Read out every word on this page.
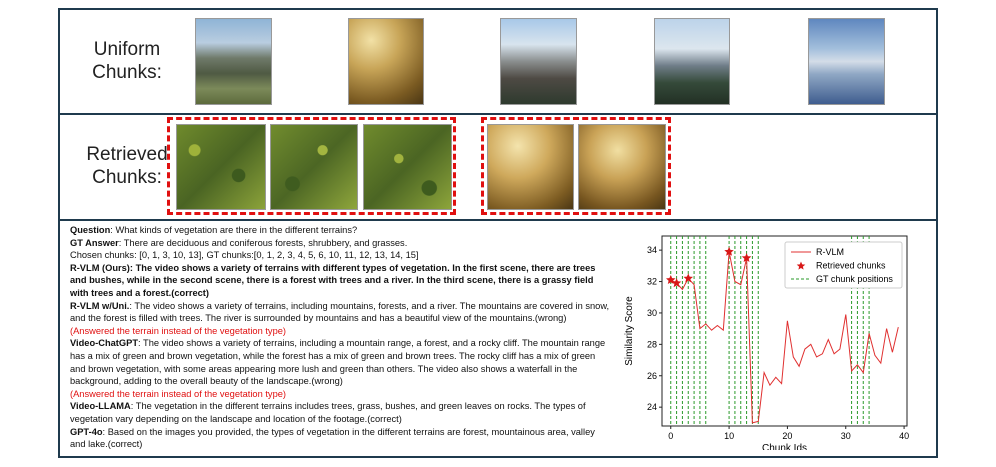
Uniform
Chunks:
Retrieved
Chunks:

Question: What kinds of vegetation are there in the different terrains?

GT Answer: There are deciduous and coniferous forests, shrubbery, and grasses.

Chosen chunks: [0, 1, 3, 10, 13], GT chunks:[0, 1, 2, 3, 4, 5, 6, 10, 11, 12, 13, 14, 15]

R-VLM (Ours): The video shows a variety of terrains with different types of vegetation. In the first scene, there are trees and bushes, while in the second scene, there is a forest with trees and a river. In the third scene, there is a grassy field with trees and a forest.(correct)

R-VLM w/Uni.: The video shows a variety of terrains, including mountains, forests, and a river. The mountains are covered in snow, and the forest is filled with trees. The river is surrounded by mountains and has a beautiful view of the mountains.(wrong) (Answered the terrain instead of the vegetation type)

Video-ChatGPT: The video shows a variety of terrains, including a mountain range, a forest, and a rocky cliff. The mountain range has a mix of green and brown vegetation, while the forest has a mix of green and brown trees. The rocky cliff has a mix of green and brown vegetation, with some areas appearing more lush and green than others. The video also shows a waterfall in the background, adding to the overall beauty of the landscape.(wrong)

(Answered the terrain instead of the vegetation type)

Video-LLAMA: The vegetation in the different terrains includes trees, grass, bushes, and green leaves on rocks. The types of vegetation vary depending on the landscape and location of the footage.(correct)

GPT-4o: Based on the images you provided, the types of vegetation in the different terrains are forest, mountainous area, valley and lake.(correct)

0	10	20	30	40
24
26
28
30
32
34
Chunk Ids
Similarity Score
R-VLM
Retrieved chunks
GT chunk positions
